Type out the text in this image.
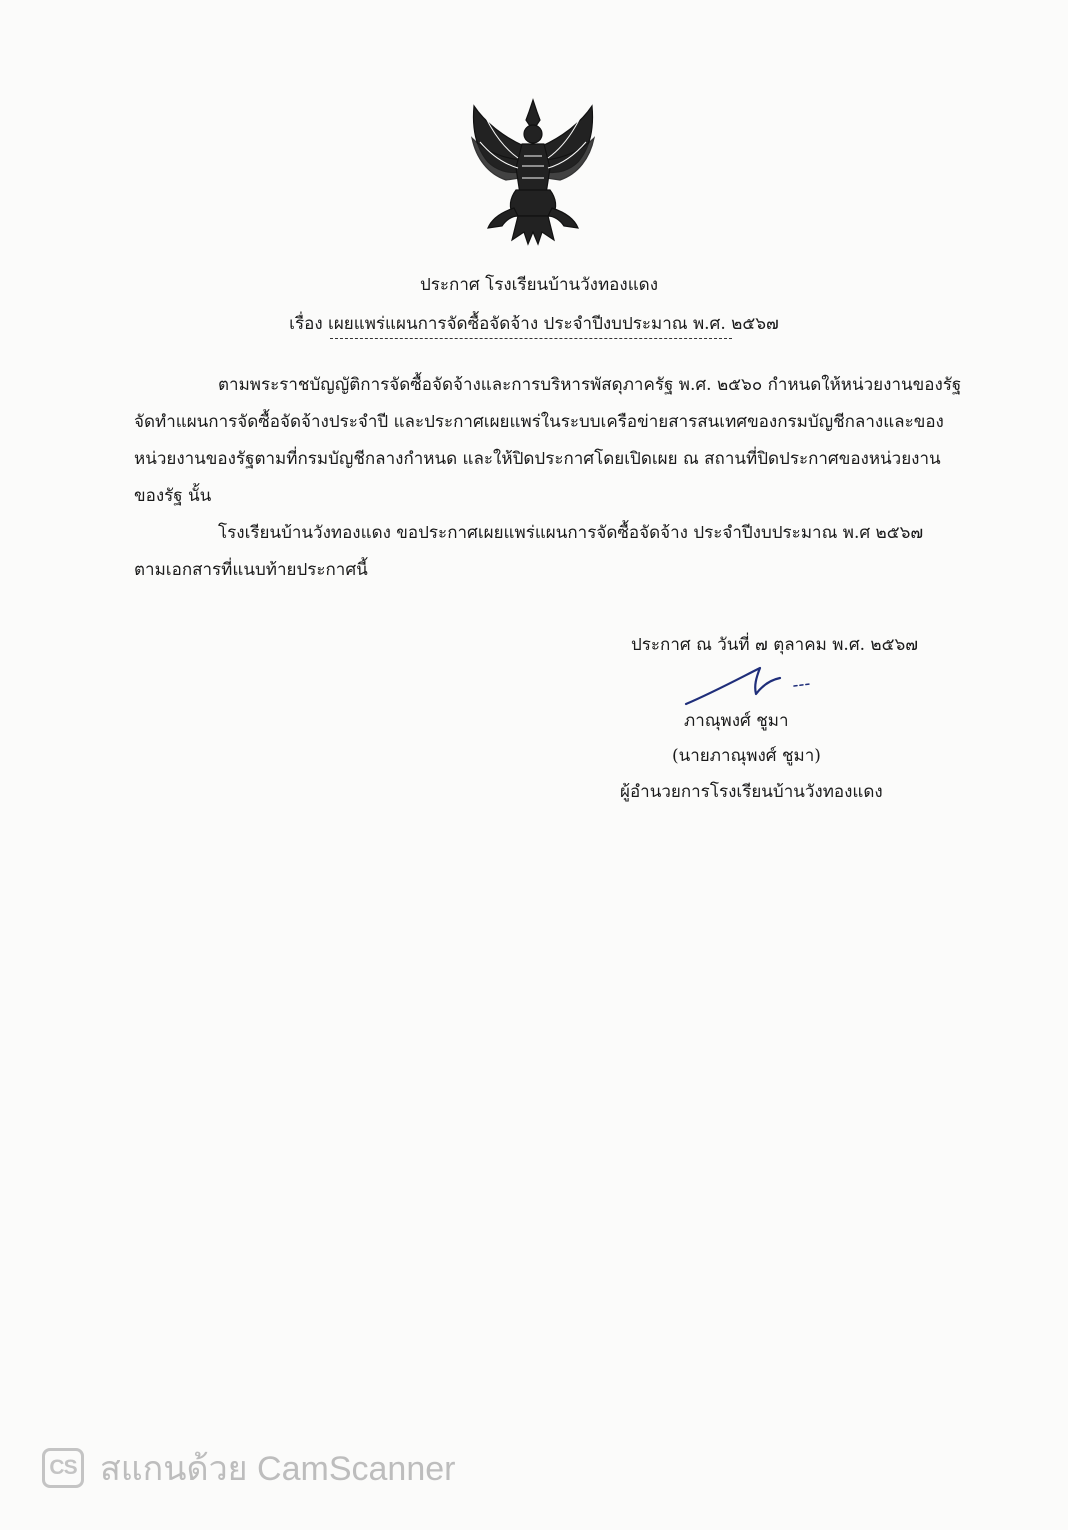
ประกาศ โรงเรียนบ้านวังทองแดง
เรื่อง เผยแพร่แผนการจัดซื้อจัดจ้าง ประจำปีงบประมาณ พ.ศ. ๒๕๖๗
ตามพระราชบัญญัติการจัดซื้อจัดจ้างและการบริหารพัสดุภาครัฐ พ.ศ. ๒๕๖๐ กำหนดให้หน่วยงานของรัฐ
จัดทำแผนการจัดซื้อจัดจ้างประจำปี และประกาศเผยแพร่ในระบบเครือข่ายสารสนเทศของกรมบัญชีกลางและของ
หน่วยงานของรัฐตามที่กรมบัญชีกลางกำหนด และให้ปิดประกาศโดยเปิดเผย ณ สถานที่ปิดประกาศของหน่วยงาน
ของรัฐ นั้น
โรงเรียนบ้านวังทองแดง ขอประกาศเผยแพร่แผนการจัดซื้อจัดจ้าง ประจำปีงบประมาณ พ.ศ ๒๕๖๗
ตามเอกสารที่แนบท้ายประกาศนี้
ประกาศ ณ วันที่ ๗ ตุลาคม พ.ศ. ๒๕๖๗
ภาณุพงศ์ ชูมา
(นายภาณุพงศ์ ชูมา)
ผู้อำนวยการโรงเรียนบ้านวังทองแดง
CS สแกนด้วย CamScanner
